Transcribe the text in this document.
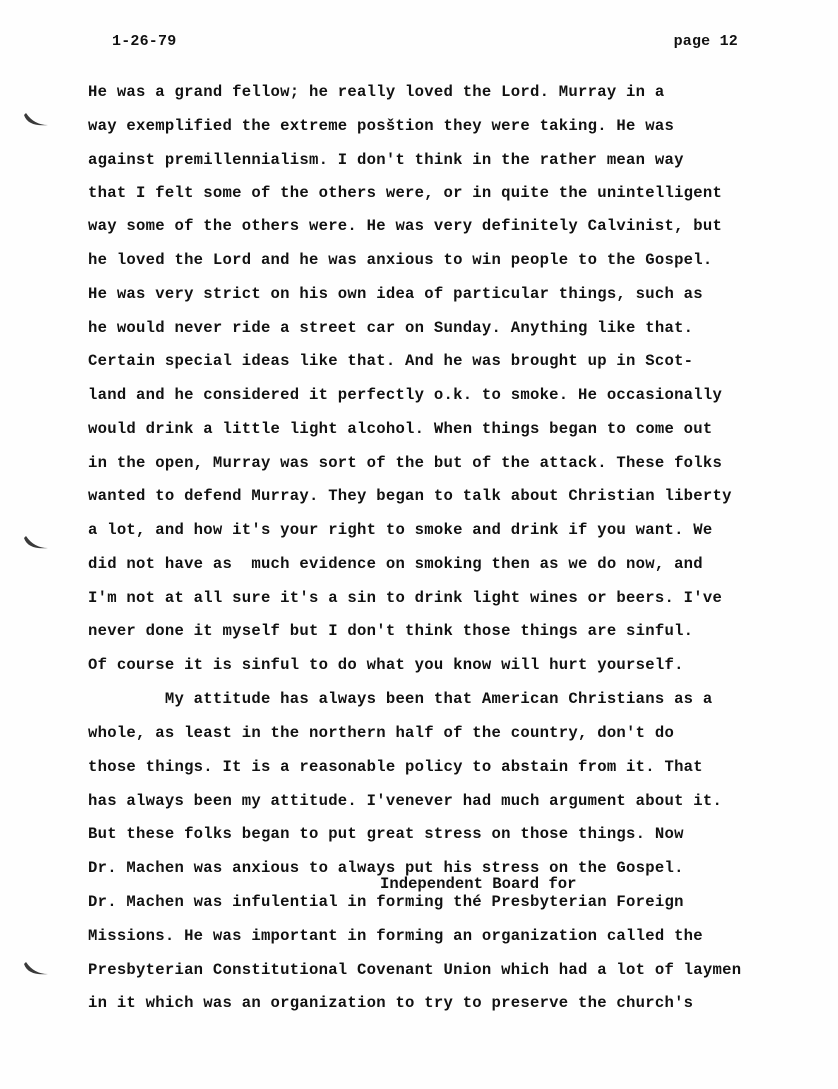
1-26-79	page 12
He was a grand fellow; he really loved the Lord. Murray in a
way exemplified the extreme posštion they were taking. He was
against premillennialism. I don't think in the rather mean way
that I felt some of the others were, or in quite the unintelligent
way some of the others were. He was very definitely Calvinist, but
he loved the Lord and he was anxious to win people to the Gospel.
He was very strict on his own idea of particular things, such as
he would never ride a street car on Sunday. Anything like that.
Certain special ideas like that. And he was brought up in Scot-
land and he considered it perfectly o.k. to smoke. He occasionally
would drink a little light alcohol. When things began to come out
in the open, Murray was sort of the but of the attack. These folks
wanted to defend Murray. They began to talk about Christian liberty
a lot, and how it's your right to smoke and drink if you want. We
did not have as  much evidence on smoking then as we do now, and
I'm not at all sure it's a sin to drink light wines or beers. I've
never done it myself but I don't think those things are sinful.
Of course it is sinful to do what you know will hurt yourself.
My attitude has always been that American Christians as a
whole, as least in the northern half of the country, don't do
those things. It is a reasonable policy to abstain from it. That
has always been my attitude. I'venever had much argument about it.
But these folks began to put great stress on those things. Now
Dr. Machen was anxious to always put his stress on the Gospel.
Dr. Machen was infulential in forming thé Presbyterian Foreign
Missions. He was important in forming an organization called the
Presbyterian Constitutional Covenant Union which had a lot of laymen
in it which was an organization to try to preserve the church's
Independent Board for
